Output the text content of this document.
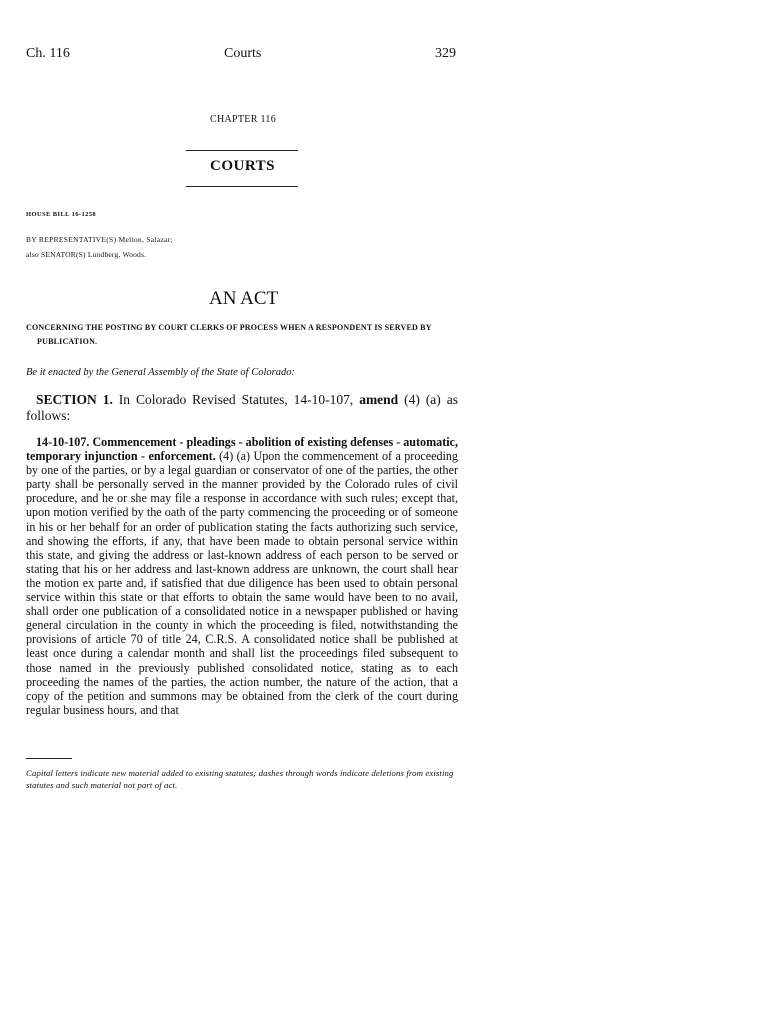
Ch. 116	Courts	329
CHAPTER 116
COURTS
HOUSE BILL 16-1258
BY REPRESENTATIVE(S) Melton, Salazar;
also SENATOR(S) Lundberg, Woods.
AN ACT
CONCERNING THE POSTING BY COURT CLERKS OF PROCESS WHEN A RESPONDENT IS SERVED BY
PUBLICATION.
Be it enacted by the General Assembly of the State of Colorado:
SECTION 1. In Colorado Revised Statutes, 14-10-107, amend (4) (a) as follows:
14-10-107. Commencement - pleadings - abolition of existing defenses - automatic, temporary injunction - enforcement. (4) (a) Upon the commencement of a proceeding by one of the parties, or by a legal guardian or conservator of one of the parties, the other party shall be personally served in the manner provided by the Colorado rules of civil procedure, and he or she may file a response in accordance with such rules; except that, upon motion verified by the oath of the party commencing the proceeding or of someone in his or her behalf for an order of publication stating the facts authorizing such service, and showing the efforts, if any, that have been made to obtain personal service within this state, and giving the address or last-known address of each person to be served or stating that his or her address and last-known address are unknown, the court shall hear the motion ex parte and, if satisfied that due diligence has been used to obtain personal service within this state or that efforts to obtain the same would have been to no avail, shall order one publication of a consolidated notice in a newspaper published or having general circulation in the county in which the proceeding is filed, notwithstanding the provisions of article 70 of title 24, C.R.S. A consolidated notice shall be published at least once during a calendar month and shall list the proceedings filed subsequent to those named in the previously published consolidated notice, stating as to each proceeding the names of the parties, the action number, the nature of the action, that a copy of the petition and summons may be obtained from the clerk of the court during regular business hours, and that
Capital letters indicate new material added to existing statutes; dashes through words indicate deletions from existing statutes and such material not part of act.
